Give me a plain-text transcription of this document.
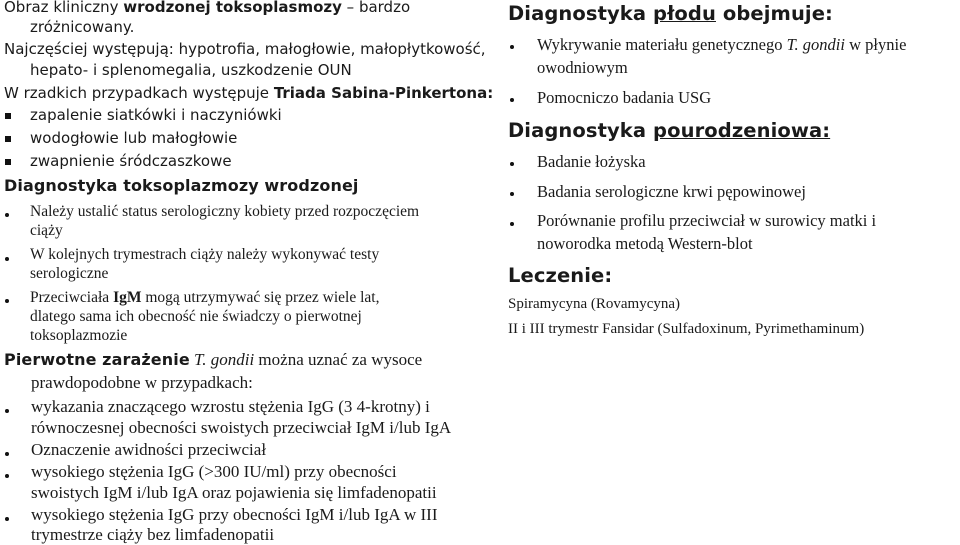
Obraz kliniczny wrodzonej toksoplasmozy – bardzo
zróżnicowany.
Najczęściej występują: hypotrofia, małogłowie, małopłytkowość,
hepato- i splenomegalia, uszkodzenie OUN
W rzadkich przypadkach występuje Triada Sabina-Pinkertona:
zapalenie siatkówki i naczyniówki
wodogłowie lub małogłowie
zwapnienie śródczaszkowe
Diagnostyka toksoplazmozy wrodzonej
Należy ustalić status serologiczny kobiety przed rozpoczęciem
ciąży
W kolejnych trymestrach ciąży należy wykonywać testy
serologiczne
Przeciwciała IgM mogą utrzymywać się przez wiele lat,
dlatego sama ich obecność nie świadczy o pierwotnej
toksoplazmozie
Pierwotne zarażenie T. gondii można uznać za wysoce
prawdopodobne w przypadkach:
wykazania znaczącego wzrostu stężenia IgG (3 4-krotny) i
równoczesnej obecności swoistych przeciwciał IgM i/lub IgA
Oznaczenie awidności przeciwciał
wysokiego stężenia IgG (>300 IU/ml) przy obecności
swoistych IgM i/lub IgA oraz pojawienia się limfadenopatii
wysokiego stężenia IgG przy obecności IgM i/lub IgA w III
trymestrze ciąży bez limfadenopatii
Diagnostyka płodu obejmuje:
Wykrywanie materiału genetycznego T. gondii w płynie
owodniowym
Pomocniczo badania USG
Diagnostyka pourodzeniowa:
Badanie łożyska
Badania serologiczne krwi pępowinowej
Porównanie profilu przeciwciał w surowicy matki i
noworodka metodą Western-blot
Leczenie:
Spiramycyna (Rovamycyna)
II i III trymestr Fansidar (Sulfadoxinum, Pyrimethaminum)
